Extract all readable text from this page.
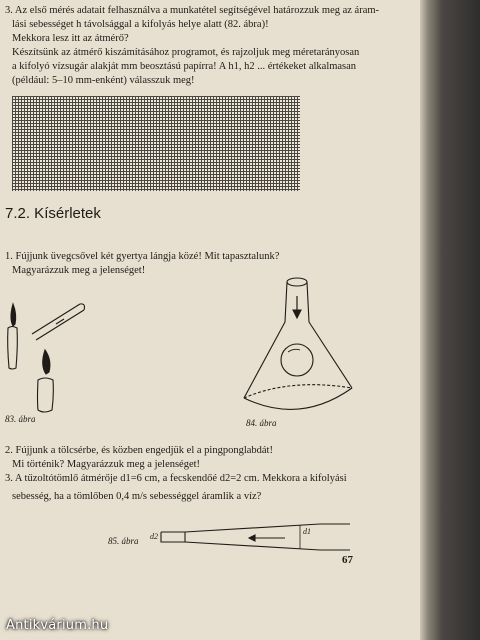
3. Az első mérés adatait felhasználva a munkatétel segítségével határozzuk meg az áram-
lási sebességet h távolsággal a kifolyás helye alatt (82. ábra)!
Mekkora lesz itt az átmérő?
Készítsünk az átmérő kiszámításához programot, és rajzoljuk meg méretarányosan
a kifolyó vízsugár alakját mm beosztású papírra! A h1, h2 ... értékeket alkalmasan
(például: 5–10 mm-enként) válasszuk meg!
7.2. Kísérletek
1. Fújjunk üvegcsővel két gyertya lángja közé! Mit tapasztalunk?
Magyarázzuk meg a jelenséget!
83. ábra	84. ábra
2. Fújjunk a tölcsérbe, és közben engedjük el a pingponglabdát!
Mi történik? Magyarázzuk meg a jelenséget!
3. A tűzoltótömlő átmérője d1=6 cm, a fecskendőé d2=2 cm. Mekkora a kifolyási
sebesség, ha a tömlőben 0,4 m/s sebességgel áramlik a víz?
85. ábra d2
d1
67
Antikvárium.hu
